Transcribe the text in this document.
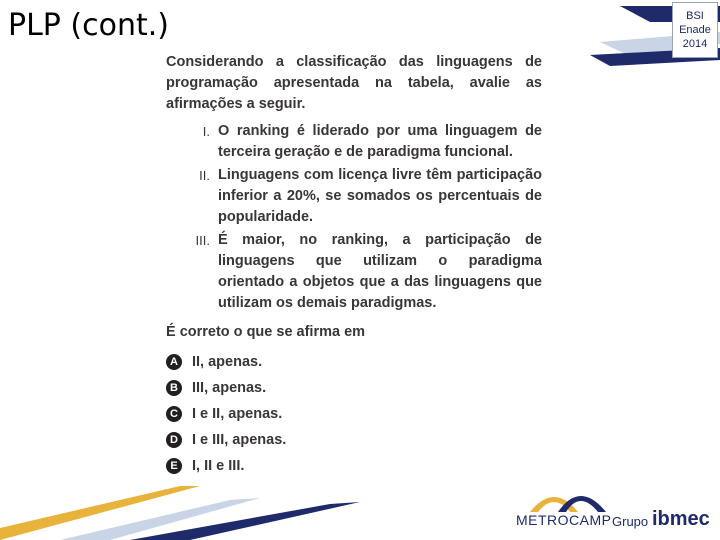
PLP (cont.)	BSI
Enade
2014

Considerando a classificação das linguagens de programação apresentada na tabela, avalie as afirmações a seguir.

I. O ranking é liderado por uma linguagem de terceira geração e de paradigma funcional.
II. Linguagens com licença livre têm participação inferior a 20%, se somados os percentuais de popularidade.
III. É maior, no ranking, a participação de linguagens que utilizam o paradigma orientado a objetos que a das linguagens que utilizam os demais paradigmas.

É correto o que se afirma em

A II, apenas.
B III, apenas.
C I e II, apenas.
D I e III, apenas.
E I, II e III.
METROCAMP Grupo ibmec
